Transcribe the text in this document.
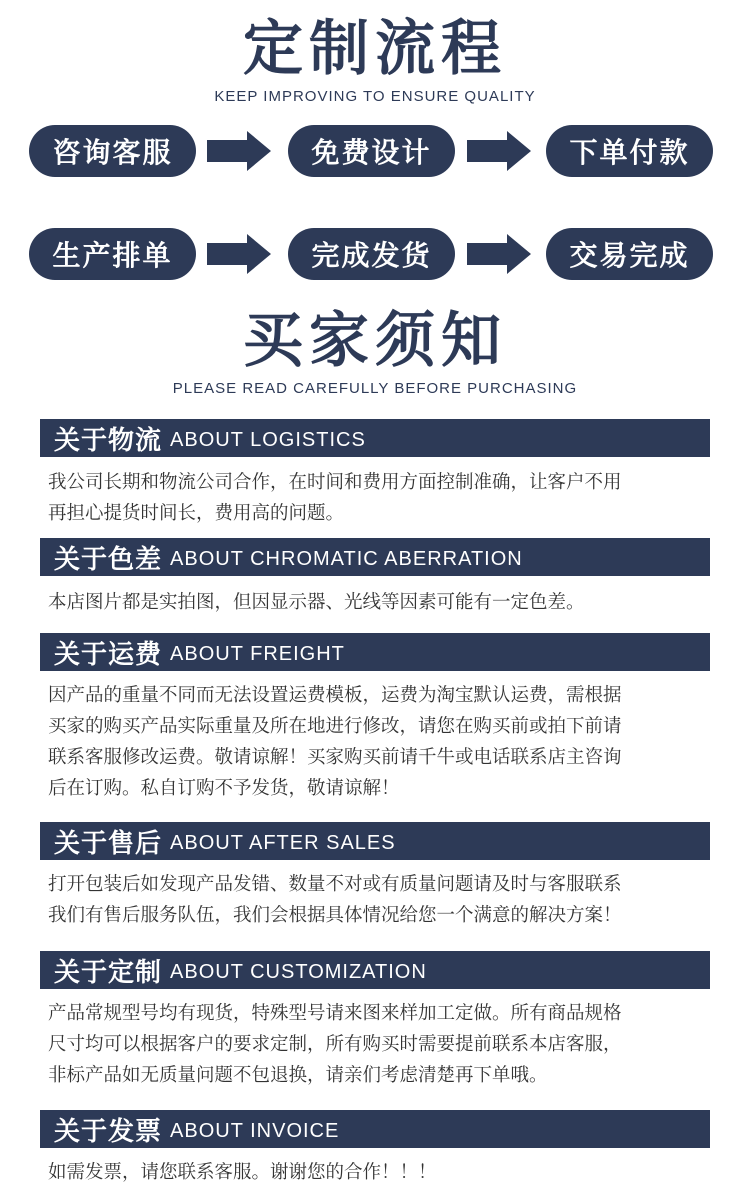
定制流程
KEEP IMPROVING TO ENSURE QUALITY
咨询客服	免费设计	下单付款
生产排单	完成发货	交易完成
买家须知
PLEASE READ CAREFULLY BEFORE PURCHASING
关于物流 ABOUT LOGISTICS
我公司长期和物流公司合作，在时间和费用方面控制准确，让客户不用
再担心提货时间长，费用高的问题。
关于色差 ABOUT CHROMATIC ABERRATION
本店图片都是实拍图，但因显示器、光线等因素可能有一定色差。
关于运费 ABOUT FREIGHT
因产品的重量不同而无法设置运费模板，运费为淘宝默认运费，需根据
买家的购买产品实际重量及所在地进行修改，请您在购买前或拍下前请
联系客服修改运费。敬请谅解！买家购买前请千牛或电话联系店主咨询
后在订购。私自订购不予发货，敬请谅解！
关于售后 ABOUT AFTER SALES
打开包装后如发现产品发错、数量不对或有质量问题请及时与客服联系
我们有售后服务队伍，我们会根据具体情况给您一个满意的解决方案！
关于定制 ABOUT CUSTOMIZATION
产品常规型号均有现货，特殊型号请来图来样加工定做。所有商品规格
尺寸均可以根据客户的要求定制，所有购买时需要提前联系本店客服，
非标产品如无质量问题不包退换，请亲们考虑清楚再下单哦。
关于发票 ABOUT INVOICE
如需发票，请您联系客服。谢谢您的合作！！！
